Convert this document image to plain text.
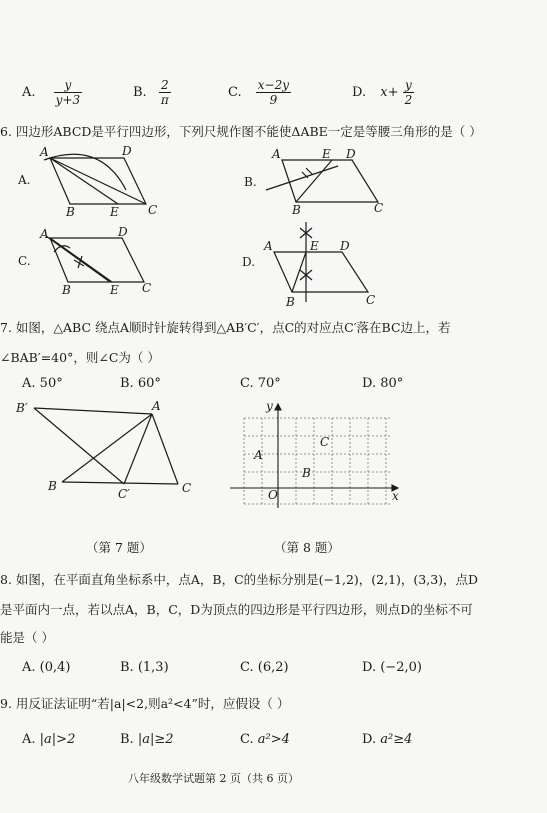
A. $\frac{y}{y+3}$	B. $\frac{2}{\pi}$	C. $\frac{x-2y}{9}$	D. $x+ \frac{y}{2}$
6. 四边形ABCD是平行四边形，下列尺规作图不能使ΔABE一定是等腰三角形的是（ ）
A	D
B	E C
A.
A	E D
B	C
B.
A	D
B	E C
C.
A	E D
B	C
D.
7. 如图，△ABC 绕点A顺时针旋转得到△AB′C′，点C的对应点C′落在BC边上，若
∠BAB′=40°，则∠C为（ ）
A. 50°	B. 60°	C. 70°	D. 80°
B′	A
B
C′	C
y
x
O
A
B
C
（第 7 题）	（第 8 题）
8. 如图，在平面直角坐标系中，点A，B，C的坐标分别是(−1,2)，(2,1)，(3,3)，点D
是平面内一点，若以点A，B，C，D为顶点的四边形是平行四边形，则点D的坐标不可
能是（ ）
A. (0,4)	B. (1,3)	C. (6,2)	D. (−2,0)
9. 用反证法证明“若|a|<2,则a²<4”时，应假设（ ）
A. |a|>2	B. |a|≥2	C. a²>4	D. a²≥4
八年级数学试题第 2 页（共 6 页）
